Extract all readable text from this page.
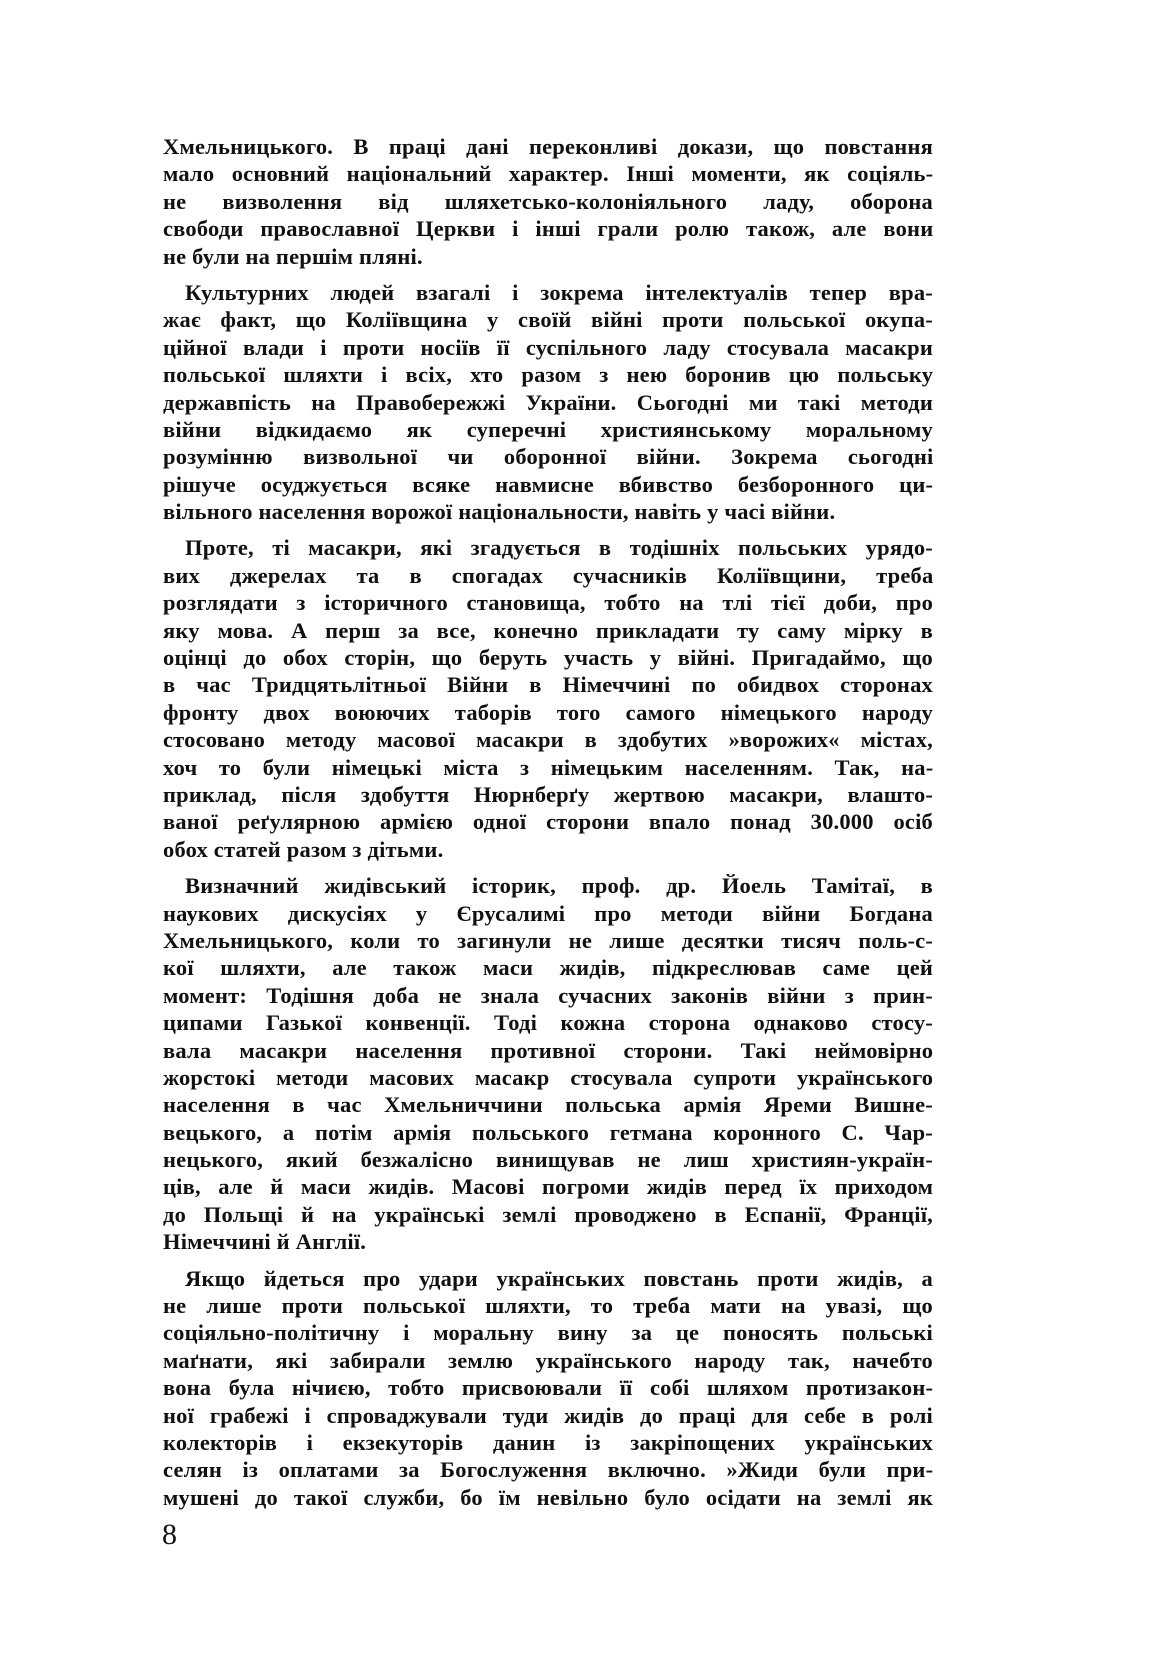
Хмельницького. В праці дані переконливі докази, що повстання
мало основний національний характер. Інші моменти, як соціяль-
не визволення від шляхетсько-колоніяльного ладу, оборона
свободи православної Церкви і інші грали ролю також, але вони
не були на першім пляні.

Культурних людей взагалі і зокрема інтелектуалів тепер вра-
жає факт, що Коліївщина у своїй війні проти польської окупа-
ційної влади і проти носіїв її суспільного ладу стосувала масакри
польської шляхти і всіх, хто разом з нею боронив цю польську
державпість на Правобережжі України. Сьогодні ми такі методи
війни відкидаємо як суперечні християнському моральному
розумінню визвольної чи оборонної війни. Зокрема сьогодні
рішуче осуджується всяке навмисне вбивство безборонного ци-
вільного населення ворожої національности, навіть у часі війни.

Проте, ті масакри, які згадується в тодішніх польських урядо-
вих джерелах та в спогадах сучасників Коліївщини, треба
розглядати з історичного становища, тобто на тлі тієї доби, про
яку мова. А перш за все, конечно прикладати ту саму мірку в
оцінці до обох сторін, що беруть участь у війні. Пригадаймо, що
в час Тридцятьлітньої Війни в Німеччині по обидвох сторонах
фронту двох воюючих таборів того самого німецького народу
стосовано методу масової масакри в здобутих »ворожих« містах,
хоч то були німецькі міста з німецьким населенням. Так, на-
приклад, після здобуття Нюрнберґу жертвою масакри, влашто-
ваної реґулярною армією одної сторони впало понад 30.000 осіб
обох статей разом з дітьми.

Визначний жидівський історик, проф. др. Йоель Тамітаї, в
наукових дискусіях у Єрусалимі про методи війни Богдана
Хмельницького, коли то загинули не лише десятки тисяч поль-с-
кої шляхти, але також маси жидів, підкреслював саме цей
момент: Тодішня доба не знала сучасних законів війни з прин-
ципами Газької конвенції. Тоді кожна сторона однаково стосу-
вала масакри населення противної сторони. Такі неймовірно
жорстокі методи масових масакр стосувала супроти українського
населення в час Хмельниччини польська армія Яреми Вишне-
вецького, а потім армія польського гетмана коронного С. Чар-
нецького, який безжалісно винищував не лиш християн-україн-
ців, але й маси жидів. Масові погроми жидів перед їх приходом
до Польщі й на українські землі проводжено в Еспанії, Франції,
Німеччині й Англії.

Якщо йдеться про удари українських повстань проти жидів, а
не лише проти польської шляхти, то треба мати на увазі, що
соціяльно-політичну і моральну вину за це поносять польські
маґнати, які забирали землю українського народу так, начебто
вона була нічиєю, тобто присвоювали її собі шляхом протизакон-
ної грабежі і спроваджували туди жидів до праці для себе в ролі
колекторів і екзекуторів данин із закріпощених українських
селян із оплатами за Богослуження включно. »Жиди були при-
мушені до такої служби, бо їм невільно було осідати на землі як

8
